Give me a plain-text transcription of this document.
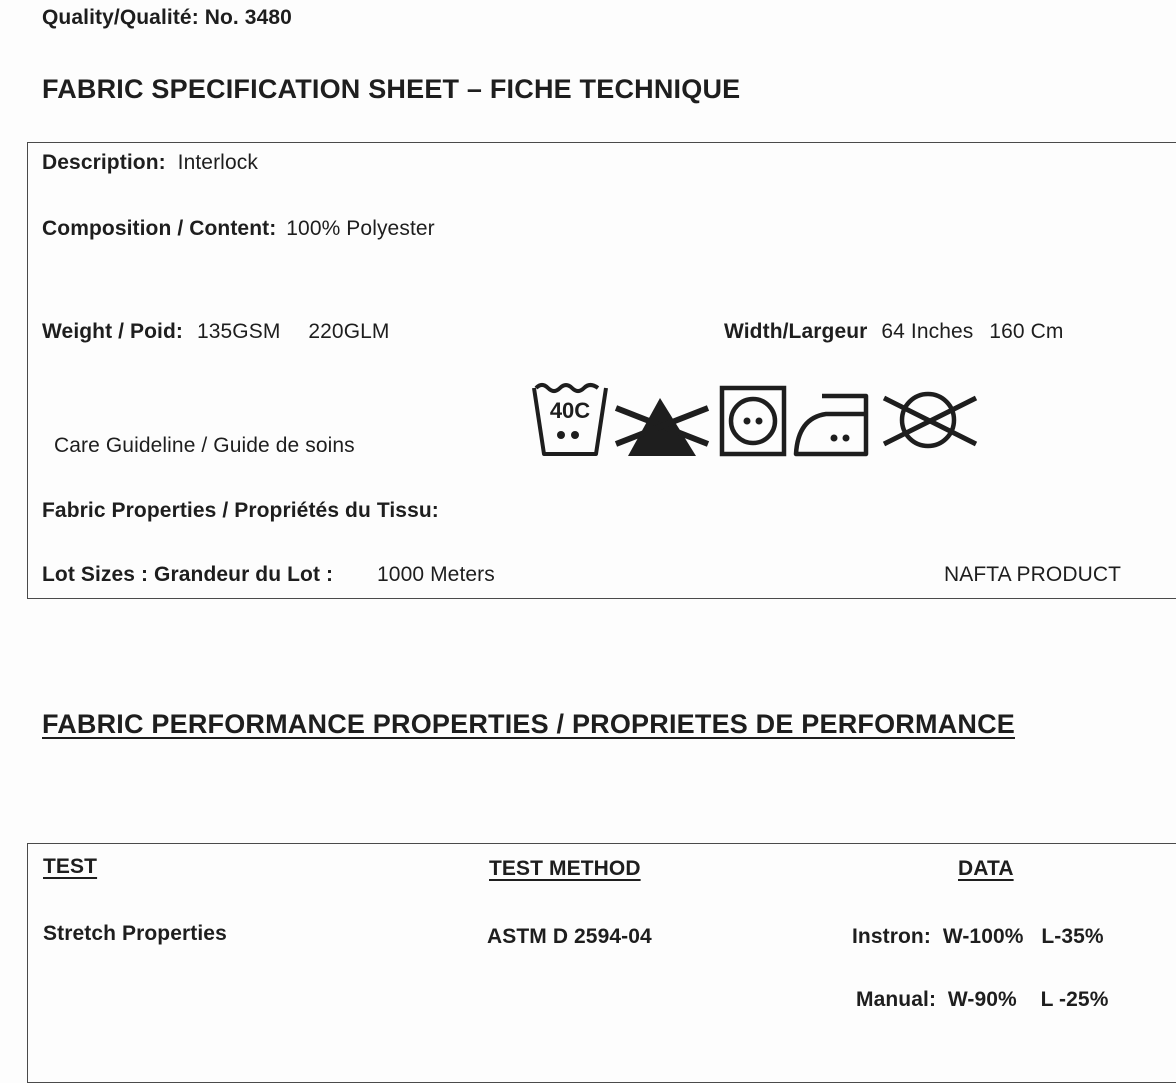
Quality/Qualité: No. 3480
FABRIC SPECIFICATION SHEET – FICHE TECHNIQUE
Description: Interlock
Composition / Content: 100% Polyester
Weight / Poid: 135GSM 220GLM	Width/Largeur 64 Inches 160 Cm
Care Guideline / Guide de soins
40C
Fabric Properties / Propriétés du Tissu:
Lot Sizes : Grandeur du Lot : 1000 Meters	NAFTA PRODUCT
FABRIC PERFORMANCE PROPERTIES / PROPRIETES DE PERFORMANCE
TEST	TEST METHOD	DATA
Stretch Properties	ASTM D 2594-04	Instron:  W-100%   L-35%
Manual:  W-90%    L -25%
